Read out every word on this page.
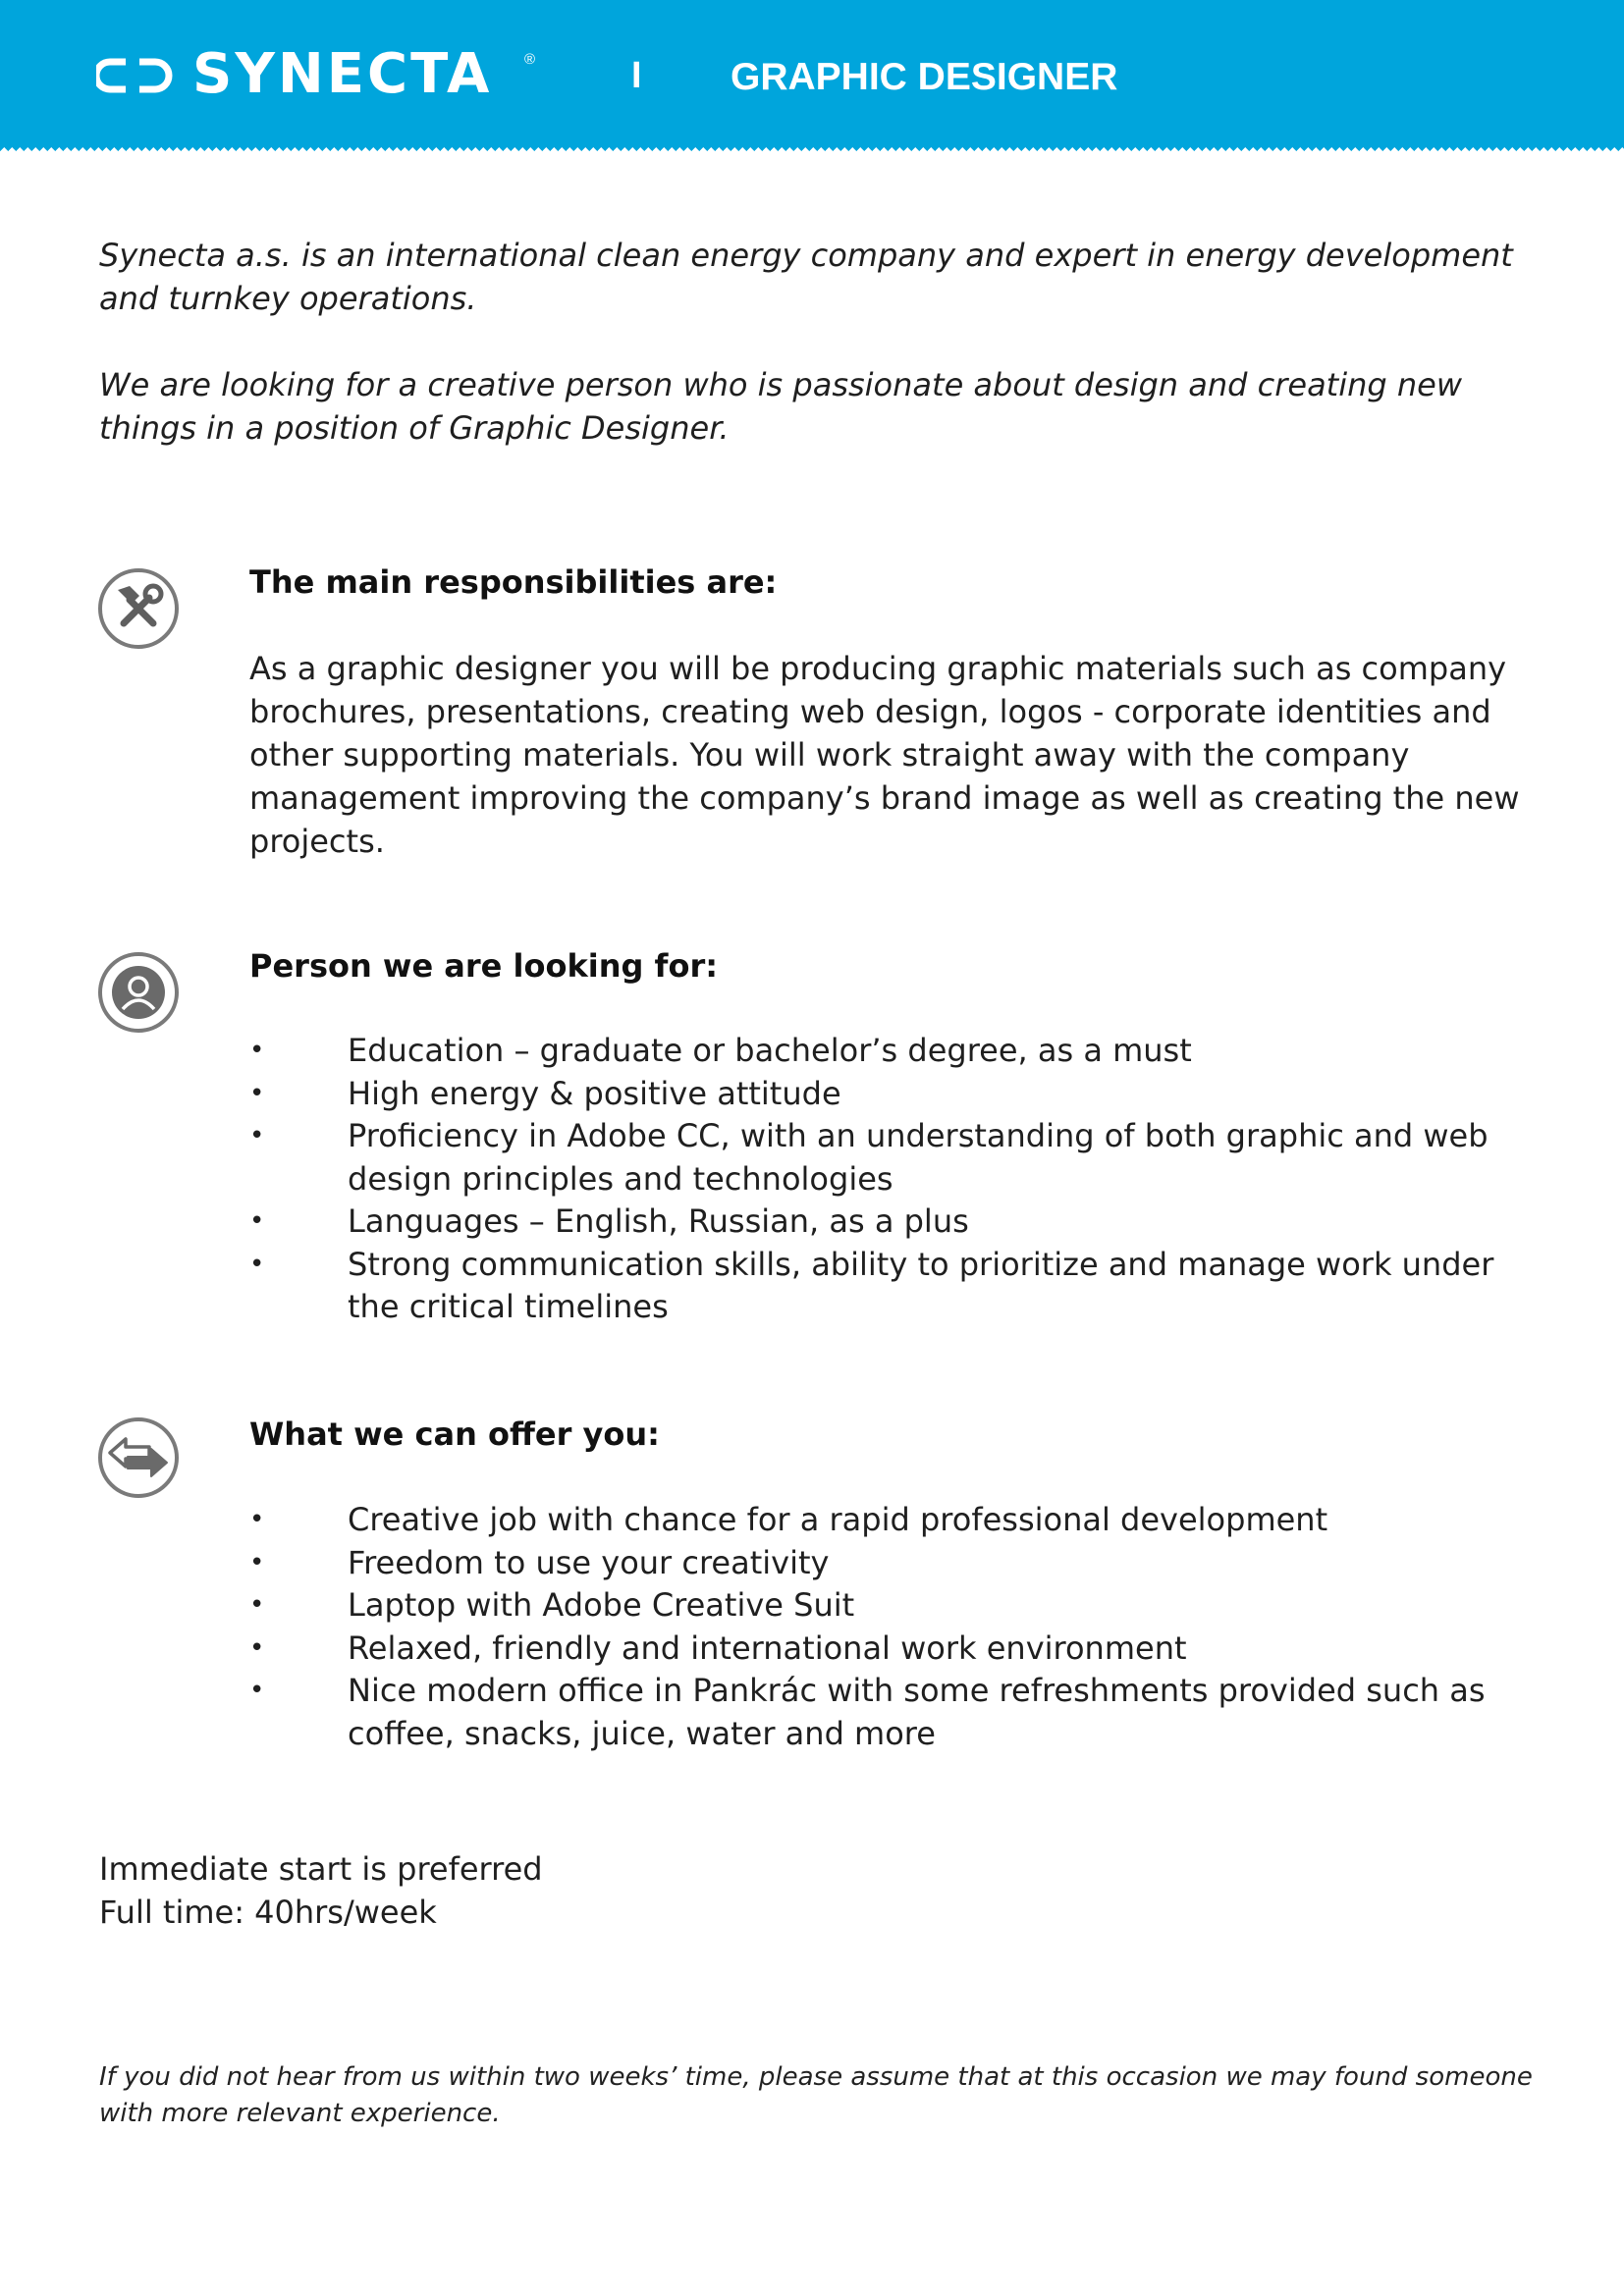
SYNECTA ®	I GRAPHIC DESIGNER

Synecta a.s. is an international clean energy company and expert in energy development and turnkey operations.

We are looking for a creative person who is passionate about design and creating new things in a position of Graphic Designer.

The main responsibilities are:
As a graphic designer you will be producing graphic materials such as company brochures, presentations, creating web design, logos - corporate identities and other supporting materials. You will work straight away with the company management improving the company’s brand image as well as creating the new projects.
Person we are looking for:
•	Education – graduate or bachelor’s degree, as a must
•	High energy & positive attitude
•	Proficiency in Adobe CC, with an understanding of both graphic and web design principles and technologies
•	Languages – English, Russian, as a plus
•	Strong communication skills, ability to prioritize and manage work under the critical timelines
What we can offer you:
•	Creative job with chance for a rapid professional development
•	Freedom to use your creativity
•	Laptop with Adobe Creative Suit
•	Relaxed, friendly and international work environment
•	Nice modern office in Pankrác with some refreshments provided such as coffee, snacks, juice, water and more
Immediate start is preferred
Full time: 40hrs/week
If you did not hear from us within two weeks’ time, please assume that at this occasion we may found someone with more relevant experience.
